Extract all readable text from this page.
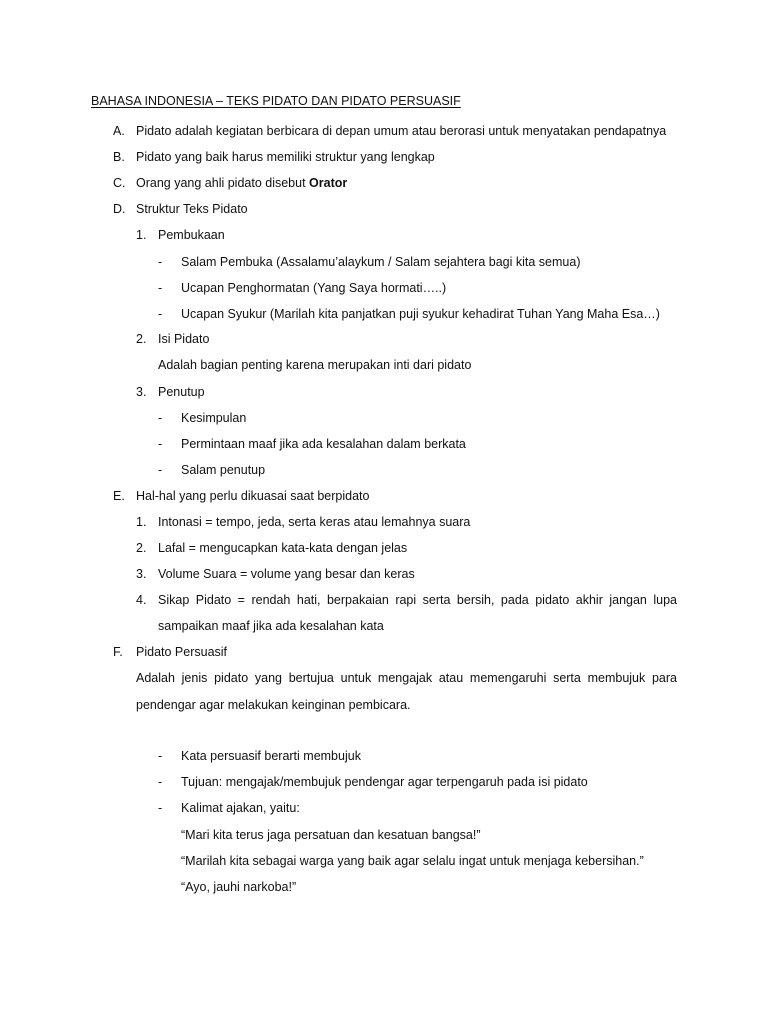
BAHASA INDONESIA – TEKS PIDATO DAN PIDATO PERSUASIF
A. Pidato adalah kegiatan berbicara di depan umum atau berorasi untuk menyatakan pendapatnya
B. Pidato yang baik harus memiliki struktur yang lengkap
C. Orang yang ahli pidato disebut Orator
D. Struktur Teks Pidato
1. Pembukaan
- Salam Pembuka (Assalamu’alaykum / Salam sejahtera bagi kita semua)
- Ucapan Penghormatan (Yang Saya hormati…..)
- Ucapan Syukur (Marilah kita panjatkan puji syukur kehadirat Tuhan Yang Maha Esa…)
2. Isi Pidato
Adalah bagian penting karena merupakan inti dari pidato
3. Penutup
- Kesimpulan
- Permintaan maaf jika ada kesalahan dalam berkata
- Salam penutup
E. Hal-hal yang perlu dikuasai saat berpidato
1. Intonasi = tempo, jeda, serta keras atau lemahnya suara
2. Lafal = mengucapkan kata-kata dengan jelas
3. Volume Suara = volume yang besar dan keras
4. Sikap Pidato = rendah hati, berpakaian rapi serta bersih, pada pidato akhir jangan lupa
sampaikan maaf jika ada kesalahan kata
F. Pidato Persuasif
Adalah jenis pidato yang bertujua untuk mengajak atau memengaruhi serta membujuk para
pendengar agar melakukan keinginan pembicara.
- Kata persuasif berarti membujuk
- Tujuan: mengajak/membujuk pendengar agar terpengaruh pada isi pidato
- Kalimat ajakan, yaitu:
“Mari kita terus jaga persatuan dan kesatuan bangsa!”
“Marilah kita sebagai warga yang baik agar selalu ingat untuk menjaga kebersihan.”
“Ayo, jauhi narkoba!”
